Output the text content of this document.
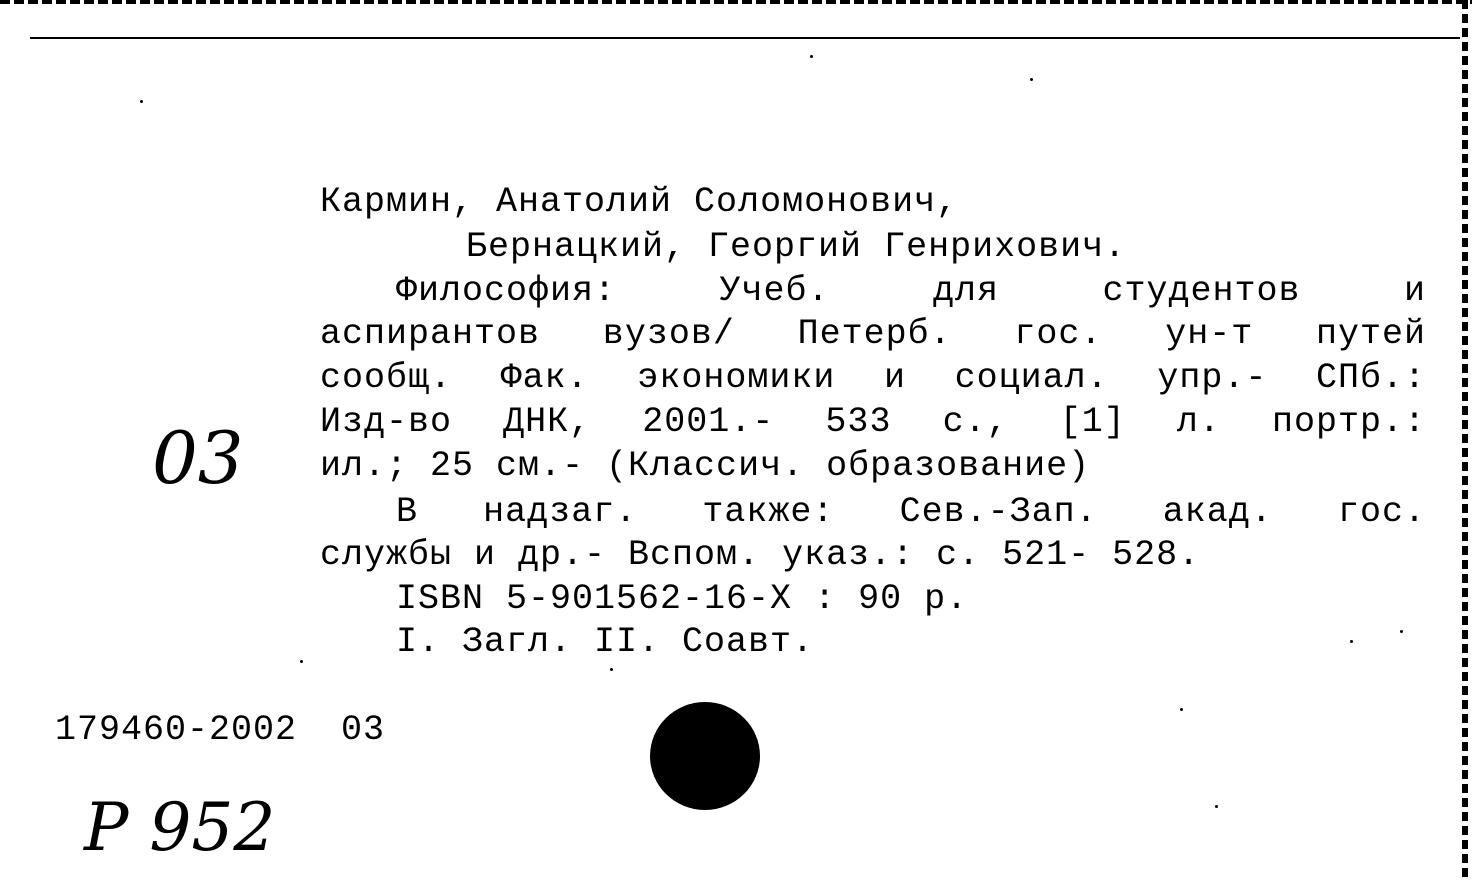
Кармин, Анатолий Соломонович,
Бернацкий, Георгий Генрихович.
Философия: Учеб. для студентов и
аспирантов вузов/ Петерб. гос. ун-т путей
сообщ. Фак. экономики и социал. упр.- СПб.:
Изд-во ДНК, 2001.- 533 с., [1] л. портр.:
ил.; 25 см.- (Классич. образование)
В надзаг. также: Сев.-Зап. акад. гос.
службы и др.- Вспом. указ.: с. 521- 528.
ISBN 5-901562-16-X : 90 р.
I. Загл. II. Соавт.
179460-2002  03
03
Р 952
